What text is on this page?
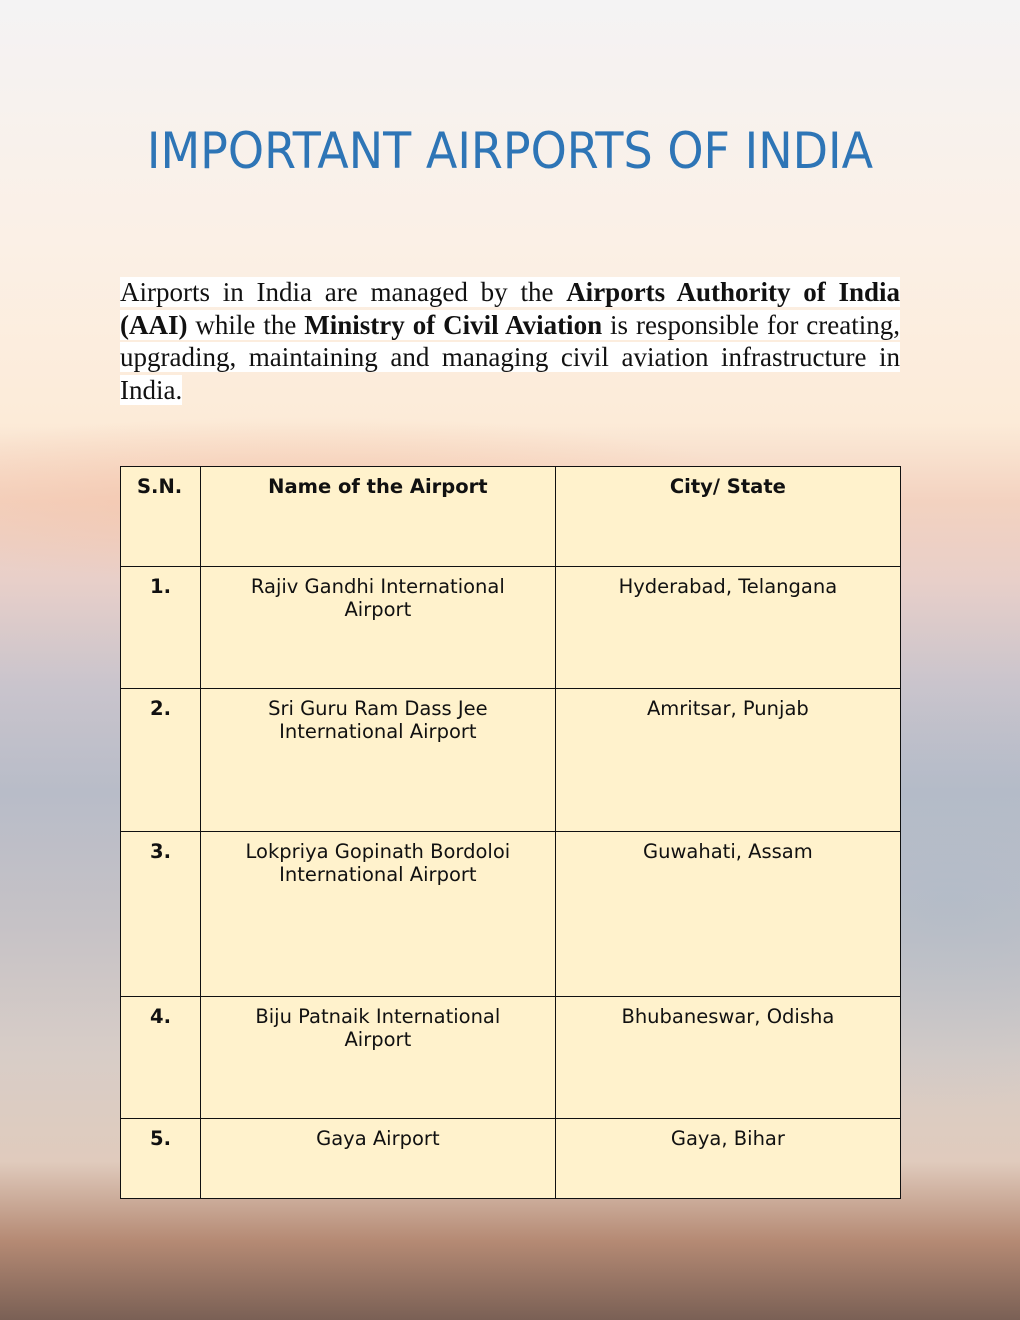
IMPORTANT AIRPORTS OF INDIA
Airports in India are managed by the Airports Authority of India (AAI) while the Ministry of Civil Aviation is responsible for creating, upgrading, maintaining and managing civil aviation infrastructure in India.
S.N.	Name of the Airport	City/ State
1.	Rajiv Gandhi International Airport	Hyderabad, Telangana
2.	Sri Guru Ram Dass Jee International Airport	Amritsar, Punjab
3.	Lokpriya Gopinath Bordoloi International Airport	Guwahati, Assam
4.	Biju Patnaik International Airport	Bhubaneswar, Odisha
5.	Gaya Airport	Gaya, Bihar
